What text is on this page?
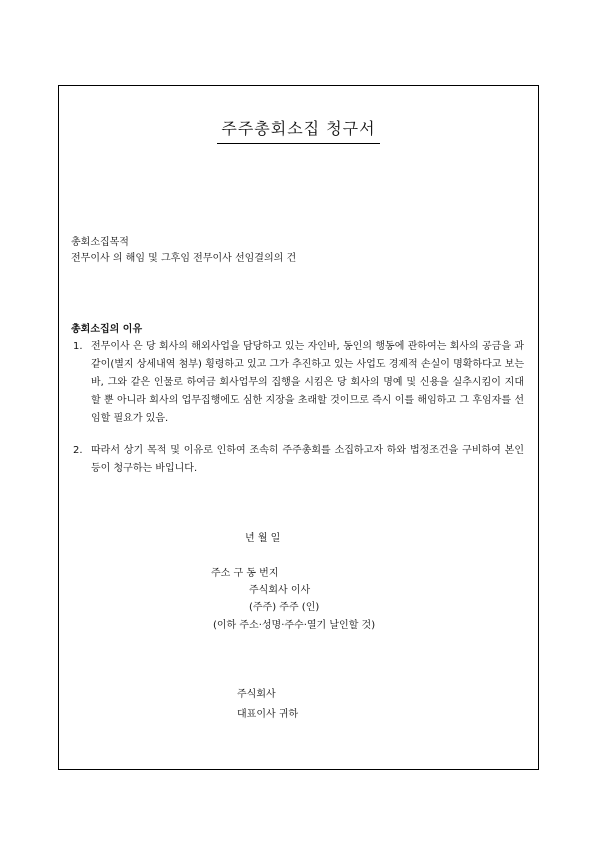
주주총회소집 청구서
총회소집목적
전무이사 의 해임 및 그후임 전무이사 선임결의의 건
총회소집의 이유
1. 전무이사 은 당 회사의 해외사업을 담당하고 있는 자인바, 동인의 행동에 관하여는 회사의 공금을 과 같이(별지 상세내역 첨부) 횡령하고 있고 그가 추진하고 있는 사업도 경제적 손실이 명확하다고 보는바, 그와 같은 인물로 하여금 회사업무의 집행을 시킴은 당 회사의 명예 및 신용을 실추시킴이 지대할 뿐 아니라 회사의 업무집행에도 심한 지장을 초래할 것이므로 즉시 이를 해임하고 그 후임자를 선임할 필요가 있음.
2. 따라서 상기 목적 및 이유로 인하여 조속히 주주총회를 소집하고자 하와 법정조건을 구비하여 본인 등이 청구하는 바입니다.
년 월 일
주소 구 동 번지
주식회사 이사
(주주) 주주 (인)
(이하 주소·성명·주수·열기 날인할 것)
주식회사
대표이사 귀하
